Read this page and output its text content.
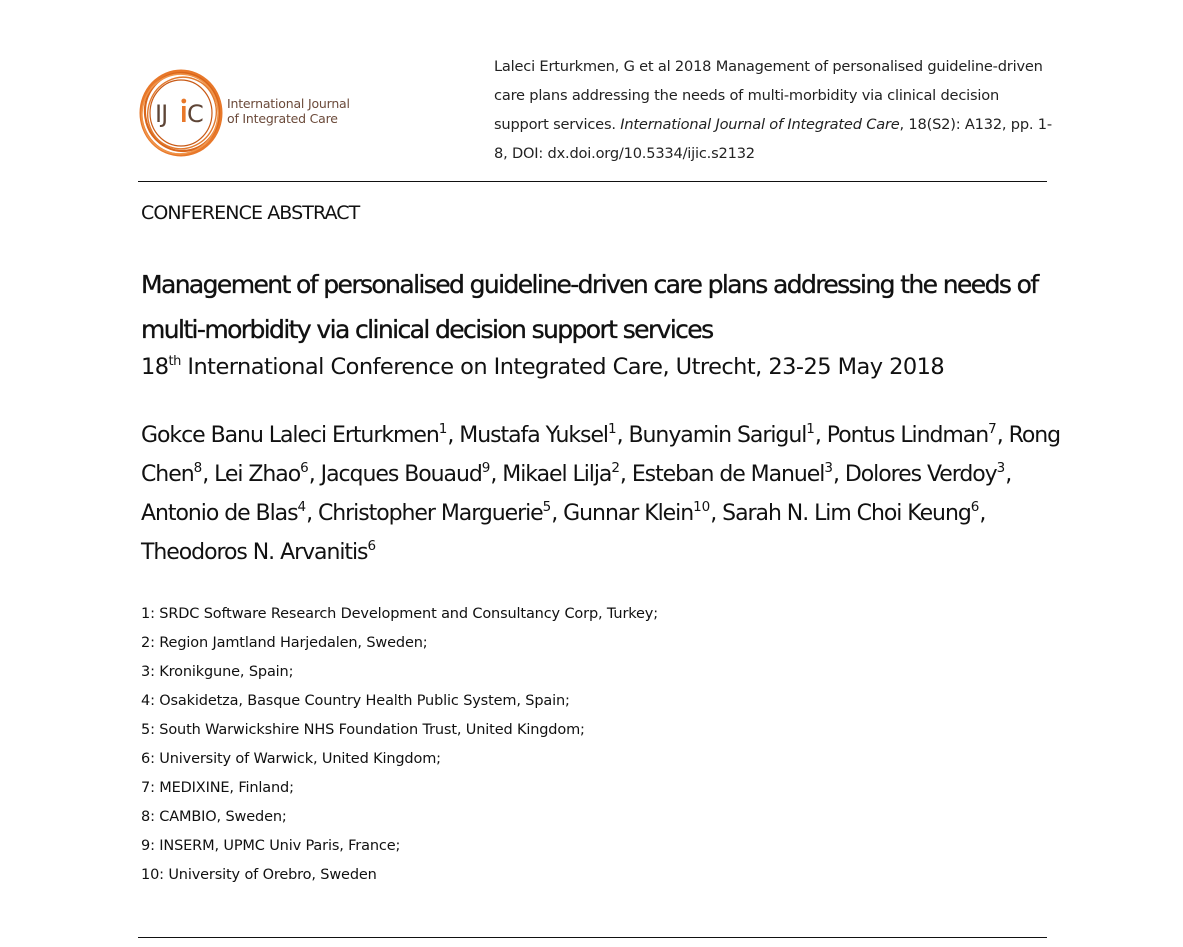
IJ C International Journal
of Integrated Care
Laleci Erturkmen, G et al 2018 Management of personalised guideline-driven care plans addressing the needs of multi-morbidity via clinical decision support services. International Journal of Integrated Care, 18(S2): A132, pp. 1-8, DOI: dx.doi.org/10.5334/ijic.s2132
CONFERENCE ABSTRACT
Management of personalised guideline-driven care plans addressing the needs of multi-morbidity via clinical decision support services
18th International Conference on Integrated Care, Utrecht, 23-25 May 2018
Gokce Banu Laleci Erturkmen$^1$, Mustafa Yuksel$^1$, Bunyamin Sarigul$^1$, Pontus Lindman$^7$, Rong Chen$^8$, Lei Zhao$^6$, Jacques Bouaud$^9$, Mikael Lilja$^2$, Esteban de Manuel$^3$, Dolores Verdoy$^3$, Antonio de Blas$^4$, Christopher Marguerie$^5$, Gunnar Klein$^{10}$, Sarah N. Lim Choi Keung$^6$, Theodoros N. Arvanitis$^6$
1: SRDC Software Research Development and Consultancy Corp, Turkey;
2: Region Jamtland Harjedalen, Sweden;
3: Kronikgune, Spain;
4: Osakidetza, Basque Country Health Public System, Spain;
5: South Warwickshire NHS Foundation Trust, United Kingdom;
6: University of Warwick, United Kingdom;
7: MEDIXINE, Finland;
8: CAMBIO, Sweden;
9: INSERM, UPMC Univ Paris, France;
10: University of Orebro, Sweden
